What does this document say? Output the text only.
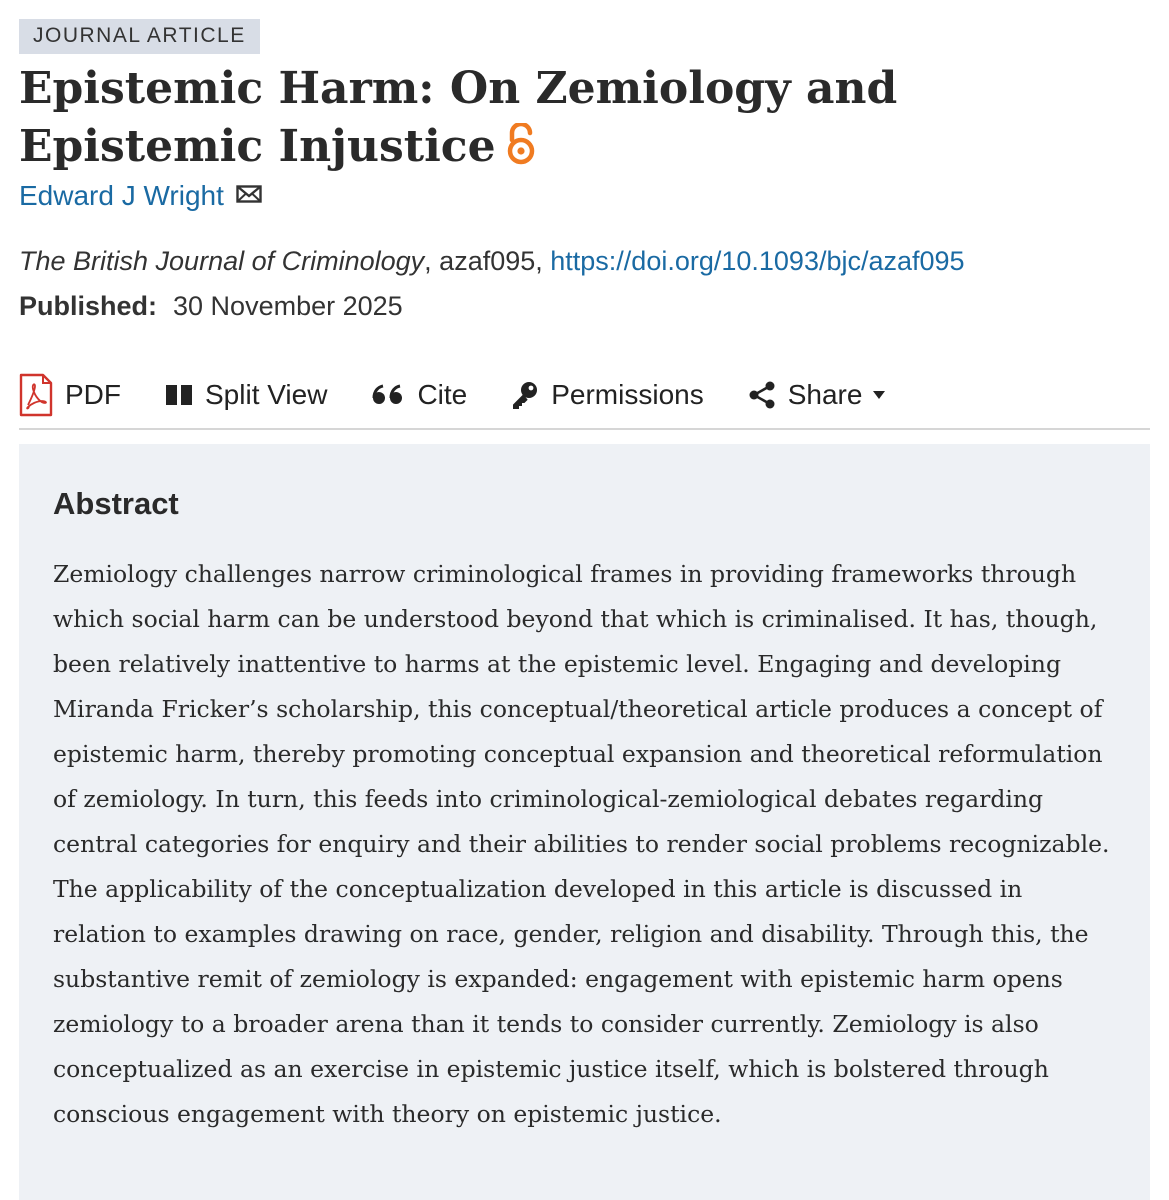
JOURNAL ARTICLE
Epistemic Harm: On Zemiology and Epistemic Injustice
Edward J Wright
The British Journal of Criminology, azaf095, https://doi.org/10.1093/bjc/azaf095
Published: 30 November 2025
PDF	Split View	Cite	Permissions	Share
Abstract

Zemiology challenges narrow criminological frames in providing frameworks through which social harm can be understood beyond that which is criminalised. It has, though, been relatively inattentive to harms at the epistemic level. Engaging and developing Miranda Fricker’s scholarship, this conceptual/theoretical article produces a concept of epistemic harm, thereby promoting conceptual expansion and theoretical reformulation of zemiology. In turn, this feeds into criminological-zemiological debates regarding central categories for enquiry and their abilities to render social problems recognizable. The applicability of the conceptualization developed in this article is discussed in relation to examples drawing on race, gender, religion and disability. Through this, the substantive remit of zemiology is expanded: engagement with epistemic harm opens zemiology to a broader arena than it tends to consider currently. Zemiology is also conceptualized as an exercise in epistemic justice itself, which is bolstered through conscious engagement with theory on epistemic justice.
